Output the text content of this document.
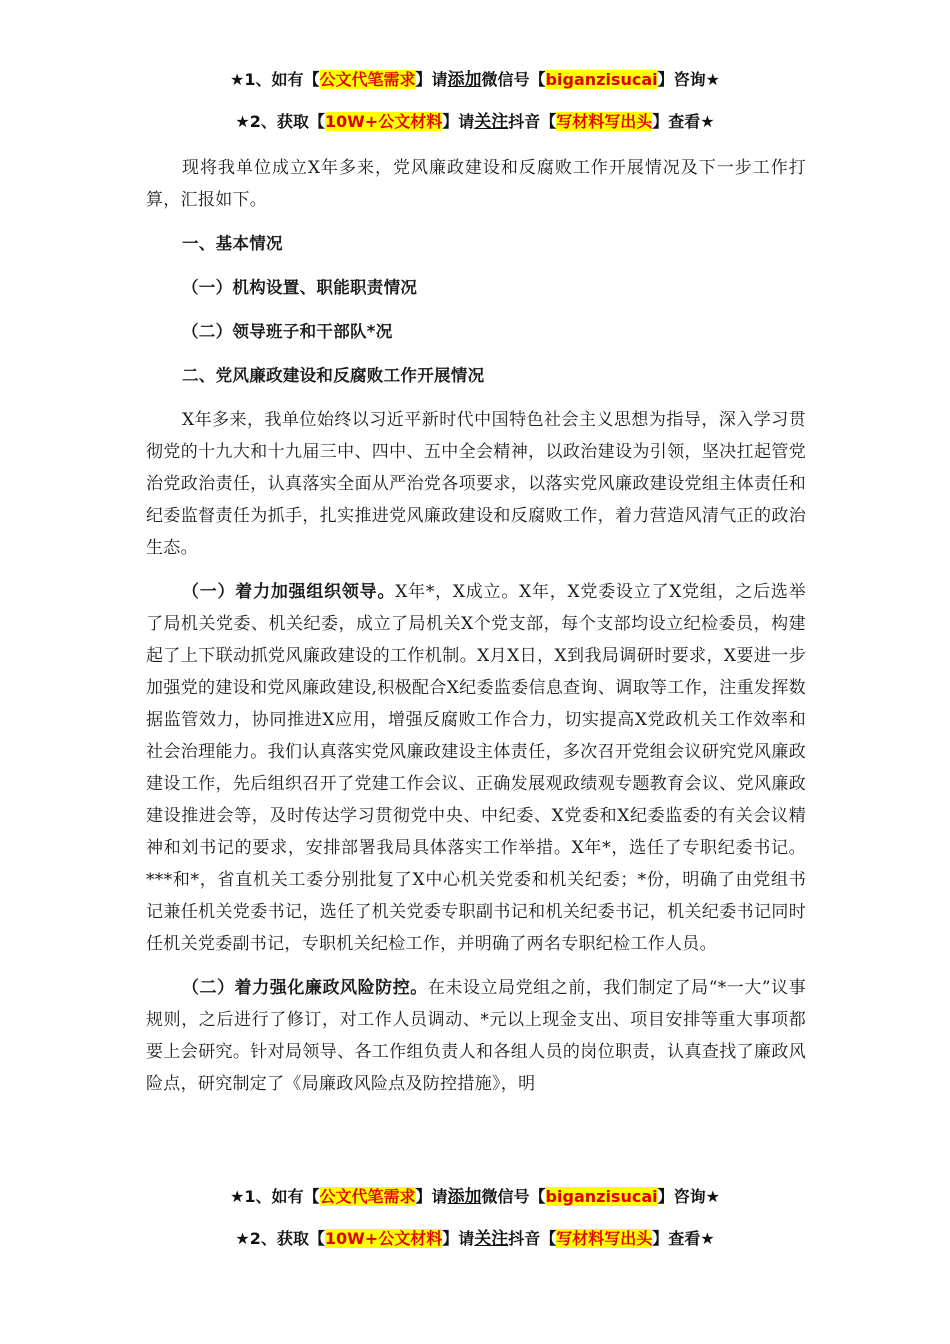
★1、如有【公文代笔需求】请添加微信号【biganzisucai】咨询★
★2、获取【10W+公文材料】请关注抖音【写材料写出头】查看★

现将我单位成立X年多来，党风廉政建设和反腐败工作开展情况及下一步工作打算，汇报如下。

一、基本情况

（一）机构设置、职能职责情况

（二）领导班子和干部队*况

二、党风廉政建设和反腐败工作开展情况

X年多来，我单位始终以习近平新时代中国特色社会主义思想为指导，深入学习贯彻党的十九大和十九届三中、四中、五中全会精神，以政治建设为引领，坚决扛起管党治党政治责任，认真落实全面从严治党各项要求，以落实党风廉政建设党组主体责任和纪委监督责任为抓手，扎实推进党风廉政建设和反腐败工作，着力营造风清气正的政治生态。

（一）着力加强组织领导。X年*，X成立。X年，X党委设立了X党组，之后选举了局机关党委、机关纪委，成立了局机关X个党支部，每个支部均设立纪检委员，构建起了上下联动抓党风廉政建设的工作机制。X月X日，X到我局调研时要求，X要进一步加强党的建设和党风廉政建设,积极配合X纪委监委信息查询、调取等工作，注重发挥数据监管效力，协同推进X应用，增强反腐败工作合力，切实提高X党政机关工作效率和社会治理能力。我们认真落实党风廉政建设主体责任，多次召开党组会议研究党风廉政建设工作，先后组织召开了党建工作会议、正确发展观政绩观专题教育会议、党风廉政建设推进会等，及时传达学习贯彻党中央、中纪委、X党委和X纪委监委的有关会议精神和刘书记的要求，安排部署我局具体落实工作举措。X年*，选任了专职纪委书记。***和*，省直机关工委分别批复了X中心机关党委和机关纪委；*份，明确了由党组书记兼任机关党委书记，选任了机关党委专职副书记和机关纪委书记，机关纪委书记同时任机关党委副书记，专职机关纪检工作，并明确了两名专职纪检工作人员。

（二）着力强化廉政风险防控。在未设立局党组之前，我们制定了局“*一大”议事规则，之后进行了修订，对工作人员调动、*元以上现金支出、项目安排等重大事项都要上会研究。针对局领导、各工作组负责人和各组人员的岗位职责，认真查找了廉政风险点，研究制定了《局廉政风险点及防控措施》，明

★1、如有【公文代笔需求】请添加微信号【biganzisucai】咨询★
★2、获取【10W+公文材料】请关注抖音【写材料写出头】查看★
